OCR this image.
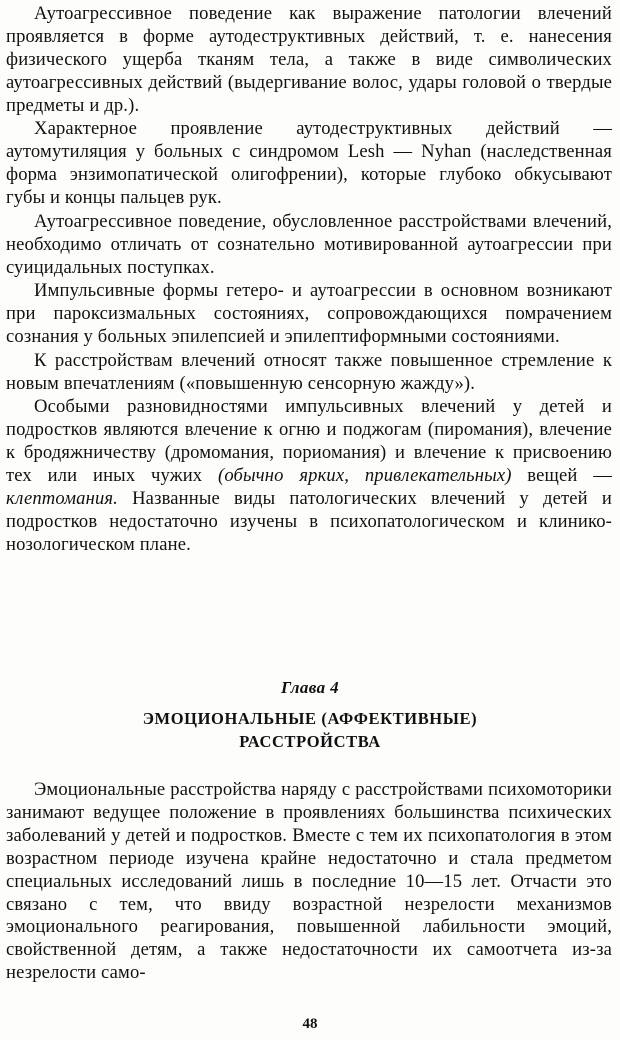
Аутоагрессивное поведение как выражение патологии влечений проявляется в форме аутодеструктивных действий, т. е. нанесения физического ущерба тканям тела, а также в виде символических аутоагрессивных действий (выдергивание волос, удары головой о твердые предметы и др.).

Характерное проявление аутодеструктивных действий — аутомутиляция у больных с синдромом Lesh — Nyhan (наследственная форма энзимопатической олигофрении), которые глубоко обкусывают губы и концы пальцев рук.

Аутоагрессивное поведение, обусловленное расстройствами влечений, необходимо отличать от сознательно мотивированной аутоагрессии при суицидальных поступках.

Импульсивные формы гетеро- и аутоагрессии в основном возникают при пароксизмальных состояниях, сопровождающихся помрачением сознания у больных эпилепсией и эпилептиформными состояниями.

К расстройствам влечений относят также повышенное стремление к новым впечатлениям («повышенную сенсорную жажду»).

Особыми разновидностями импульсивных влечений у детей и подростков являются влечение к огню и поджогам (пиромания), влечение к бродяжничеству (дромомания, пориомания) и влечение к присвоению тех или иных чужих (обычно ярких, привлекательных) вещей — клептомания. Названные виды патологических влечений у детей и подростков недостаточно изучены в психопатологическом и клинико-нозологическом плане.

Глава 4
ЭМОЦИОНАЛЬНЫЕ (АФФЕКТИВНЫЕ)
РАССТРОЙСТВА

Эмоциональные расстройства наряду с расстройствами психомоторики занимают ведущее положение в проявлениях большинства психических заболеваний у детей и подростков. Вместе с тем их психопатология в этом возрастном периоде изучена крайне недостаточно и стала предметом специальных исследований лишь в последние 10—15 лет. Отчасти это связано с тем, что ввиду возрастной незрелости механизмов эмоционального реагирования, повышенной лабильности эмоций, свойственной детям, а также недостаточности их самоотчета из-за незрелости само-

48
